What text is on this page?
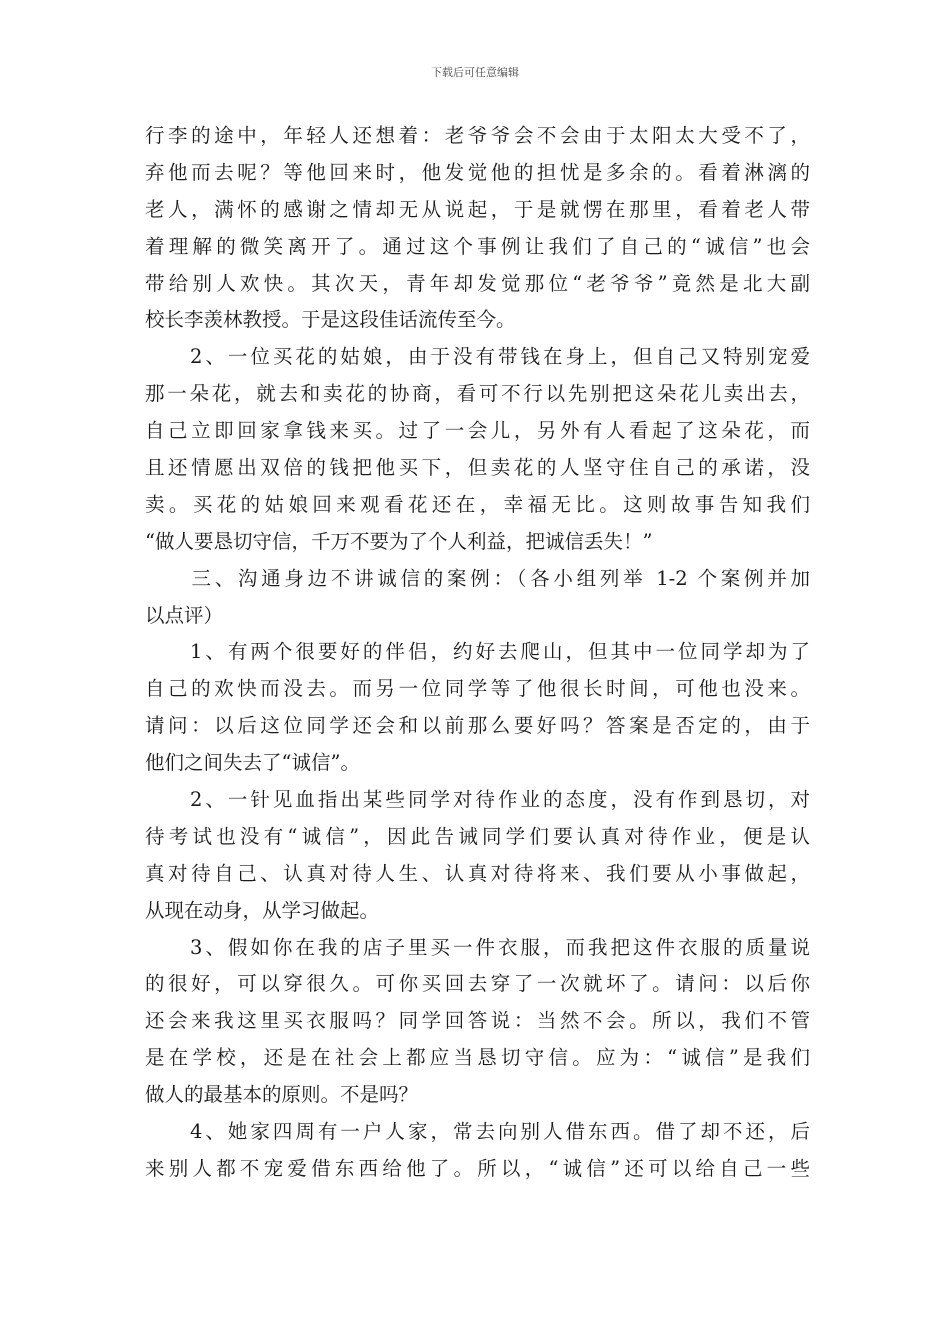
下载后可任意编辑
行李的途中，年轻人还想着：老爷爷会不会由于太阳太大受不了，
弃他而去呢？等他回来时，他发觉他的担忧是多余的。看着淋漓的
老人，满怀的感谢之情却无从说起，于是就愣在那里，看着老人带
着理解的微笑离开了。通过这个事例让我们了自己的“诚信”也会
带给别人欢快。其次天，青年却发觉那位“老爷爷”竟然是北大副
校长李羡林教授。于是这段佳话流传至今。
　　2、一位买花的姑娘，由于没有带钱在身上，但自己又特别宠爱
那一朵花，就去和卖花的协商，看可不行以先别把这朵花儿卖出去，
自己立即回家拿钱来买。过了一会儿，另外有人看起了这朵花，而
且还情愿出双倍的钱把他买下，但卖花的人坚守住自己的承诺，没
卖。买花的姑娘回来观看花还在，幸福无比。这则故事告知我们
“做人要恳切守信，千万不要为了个人利益，把诚信丢失！”
　　三、沟通身边不讲诚信的案例：（各小组列举 1-2 个案例并加
以点评）
　　1、有两个很要好的伴侣，约好去爬山，但其中一位同学却为了
自己的欢快而没去。而另一位同学等了他很长时间，可他也没来。
请问：以后这位同学还会和以前那么要好吗？答案是否定的，由于
他们之间失去了“诚信”。
　　2、一针见血指出某些同学对待作业的态度，没有作到恳切，对
待考试也没有“诚信”，因此告诫同学们要认真对待作业，便是认
真对待自己、认真对待人生、认真对待将来、我们要从小事做起，
从现在动身，从学习做起。
　　3、假如你在我的店子里买一件衣服，而我把这件衣服的质量说
的很好，可以穿很久。可你买回去穿了一次就坏了。请问：以后你
还会来我这里买衣服吗？同学回答说：当然不会。所以，我们不管
是在学校，还是在社会上都应当恳切守信。应为：“诚信”是我们
做人的最基本的原则。不是吗？
　　4、她家四周有一户人家，常去向别人借东西。借了却不还，后
来别人都不宠爱借东西给他了。所以，“诚信”还可以给自己一些
